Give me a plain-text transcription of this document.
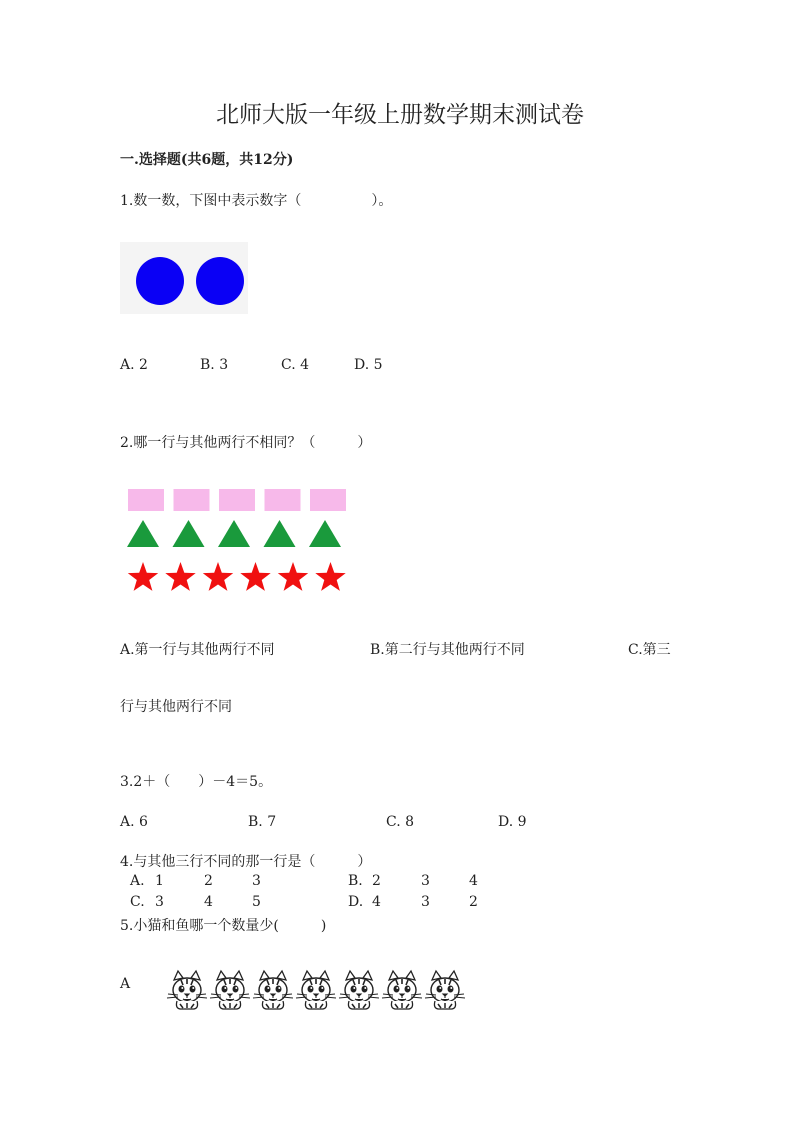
北师大版一年级上册数学期末测试卷
一.选择题(共6题，共12分)
1.数一数，下图中表示数字（　　　　　）。
A. 2	B. 3	C. 4	D. 5
2.哪一行与其他两行不相同？（　　　）
A.第一行与其他两行不同	B.第二行与其他两行不同	C.第三
行与其他两行不同
3.2＋（　　）－4＝5。
A. 6	B. 7	C. 8	D. 9
4.与其他三行不同的那一行是（　　　）
A. 1	2	3	B. 2	3	4
C. 3	4	5	D. 4	3	2
5.小猫和鱼哪一个数量少(　　　)
A
